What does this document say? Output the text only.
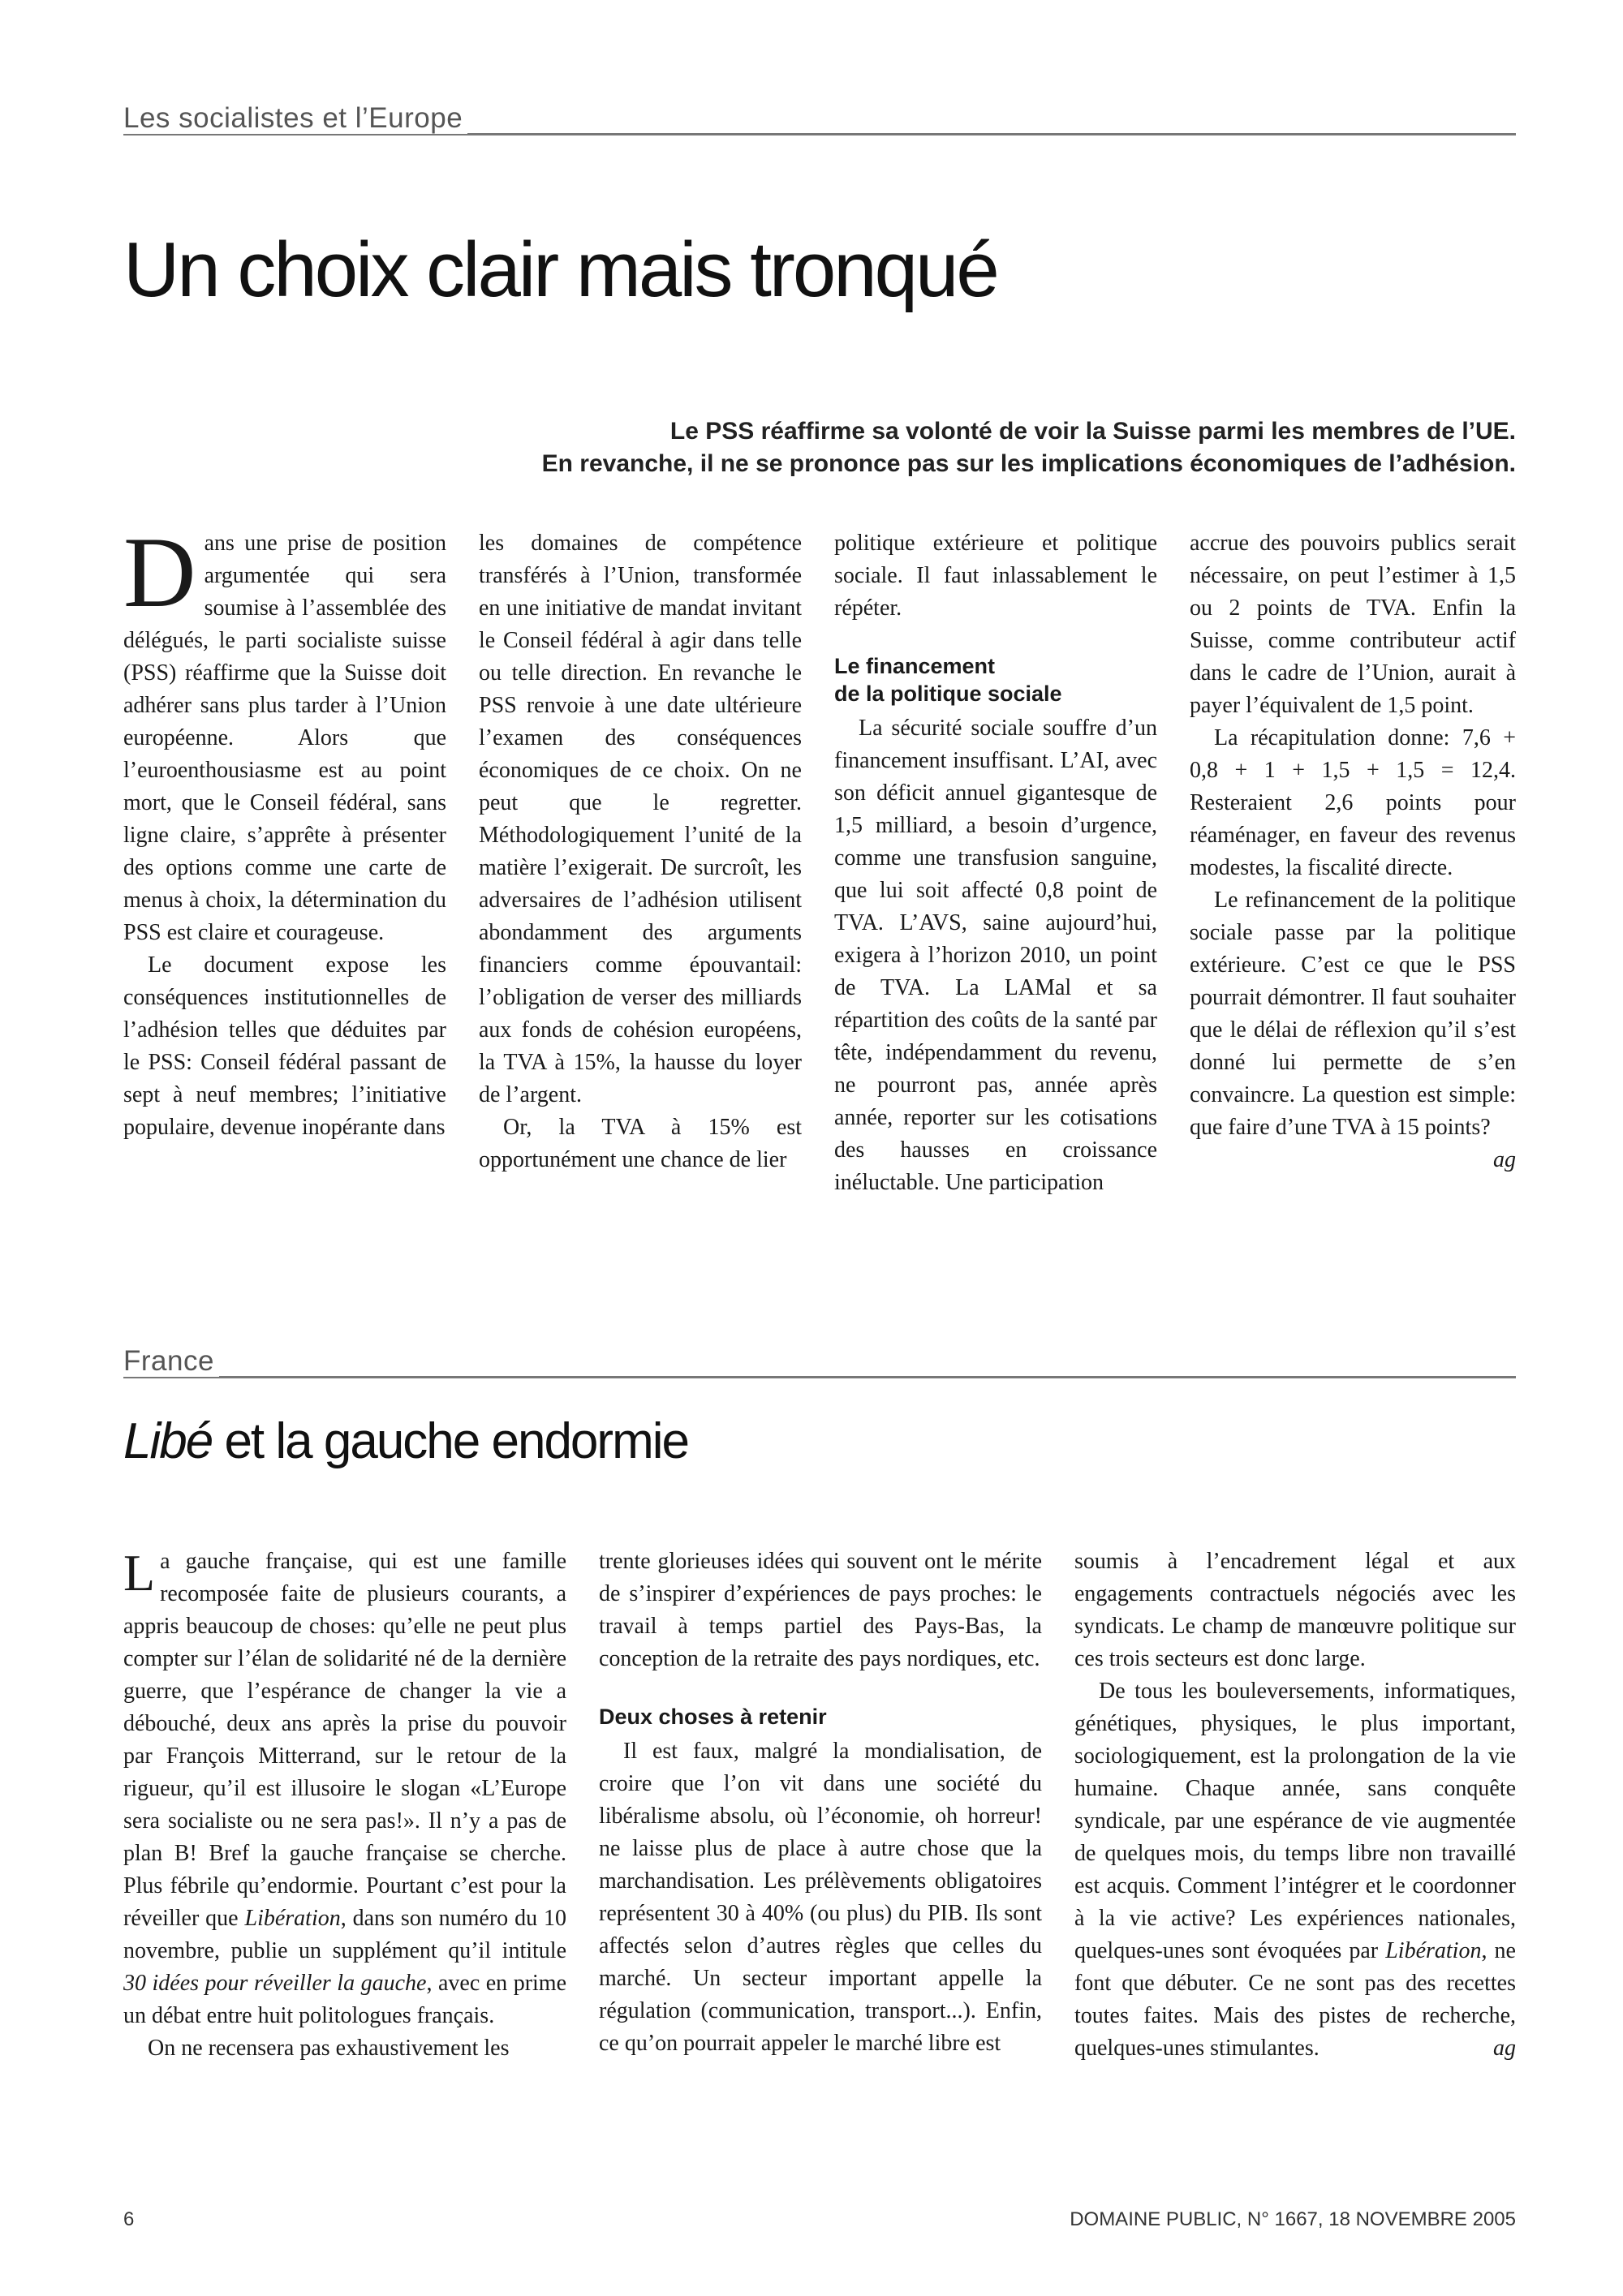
Les socialistes et l’Europe
Un choix clair mais tronqué
Le PSS réaffirme sa volonté de voir la Suisse parmi les membres de l’UE.
En revanche, il ne se prononce pas sur les implications économiques de l’adhésion.

Dans une prise de position argumentée qui sera soumise à l’assemblée des délégués, le parti socialiste suisse (PSS) réaffirme que la Suisse doit adhérer sans plus tarder à l’Union européenne. Alors que l’euroenthousiasme est au point mort, que le Conseil fédéral, sans ligne claire, s’apprête à présenter des options comme une carte de menus à choix, la détermination du PSS est claire et courageuse.

Le document expose les conséquences institutionnelles de l’adhésion telles que déduites par le PSS: Conseil fédéral passant de sept à neuf membres; l’initiative populaire, devenue inopérante dans

les domaines de compétence transférés à l’Union, transformée en une initiative de mandat invitant le Conseil fédéral à agir dans telle ou telle direction. En revanche le PSS renvoie à une date ultérieure l’examen des conséquences économiques de ce choix. On ne peut que le regretter. Méthodologiquement l’unité de la matière l’exigerait. De surcroît, les adversaires de l’adhésion utilisent abondamment des arguments financiers comme épouvantail: l’obligation de verser des milliards aux fonds de cohésion européens, la TVA à 15%, la hausse du loyer de l’argent.

Or, la TVA à 15% est opportunément une chance de lier

politique extérieure et politique sociale. Il faut inlassablement le répéter.

Le financement
de la politique sociale

La sécurité sociale souffre d’un financement insuffisant. L’AI, avec son déficit annuel gigantesque de 1,5 milliard, a besoin d’urgence, comme une transfusion sanguine, que lui soit affecté 0,8 point de TVA. L’AVS, saine aujourd’hui, exigera à l’horizon 2010, un point de TVA. La LAMal et sa répartition des coûts de la santé par tête, indépendamment du revenu, ne pourront pas, année après année, reporter sur les cotisations des hausses en croissance inéluctable. Une participation

accrue des pouvoirs publics serait nécessaire, on peut l’estimer à 1,5 ou 2 points de TVA. Enfin la Suisse, comme contributeur actif dans le cadre de l’Union, aurait à payer l’équivalent de 1,5 point.

La récapitulation donne: 7,6 + 0,8 + 1 + 1,5 + 1,5 = 12,4. Resteraient 2,6 points pour réaménager, en faveur des revenus modestes, la fiscalité directe.

Le refinancement de la politique sociale passe par la politique extérieure. C’est ce que le PSS pourrait démontrer. Il faut souhaiter que le délai de réflexion qu’il s’est donné lui permette de s’en convaincre. La question est simple: que faire d’une TVA à 15 points?
ag

France
Libé et la gauche endormie

La gauche française, qui est une famille recomposée faite de plusieurs courants, a appris beaucoup de choses: qu’elle ne peut plus compter sur l’élan de solidarité né de la dernière guerre, que l’espérance de changer la vie a débouché, deux ans après la prise du pouvoir par François Mitterrand, sur le retour de la rigueur, qu’il est illusoire le slogan «L’Europe sera socialiste ou ne sera pas!». Il n’y a pas de plan B! Bref la gauche française se cherche. Plus fébrile qu’endormie. Pourtant c’est pour la réveiller que Libération, dans son numéro du 10 novembre, publie un supplément qu’il intitule 30 idées pour réveiller la gauche, avec en prime un débat entre huit politologues français.

On ne recensera pas exhaustivement les

trente glorieuses idées qui souvent ont le mérite de s’inspirer d’expériences de pays proches: le travail à temps partiel des Pays-Bas, la conception de la retraite des pays nordiques, etc.

Deux choses à retenir

Il est faux, malgré la mondialisation, de croire que l’on vit dans une société du libéralisme absolu, où l’économie, oh horreur! ne laisse plus de place à autre chose que la marchandisation. Les prélèvements obligatoires représentent 30 à 40% (ou plus) du PIB. Ils sont affectés selon d’autres règles que celles du marché. Un secteur important appelle la régulation (communication, transport...). Enfin, ce qu’on pourrait appeler le marché libre est

soumis à l’encadrement légal et aux engagements contractuels négociés avec les syndicats. Le champ de manœuvre politique sur ces trois secteurs est donc large.

De tous les bouleversements, informatiques, génétiques, physiques, le plus important, sociologiquement, est la prolongation de la vie humaine. Chaque année, sans conquête syndicale, par une espérance de vie augmentée de quelques mois, du temps libre non travaillé est acquis. Comment l’intégrer et le coordonner à la vie active? Les expériences nationales, quelques-unes sont évoquées par Libération, ne font que débuter. Ce ne sont pas des recettes toutes faites. Mais des pistes de recherche, quelques-unes stimulantes.	ag

6	DOMAINE PUBLIC, N° 1667, 18 NOVEMBRE 2005
